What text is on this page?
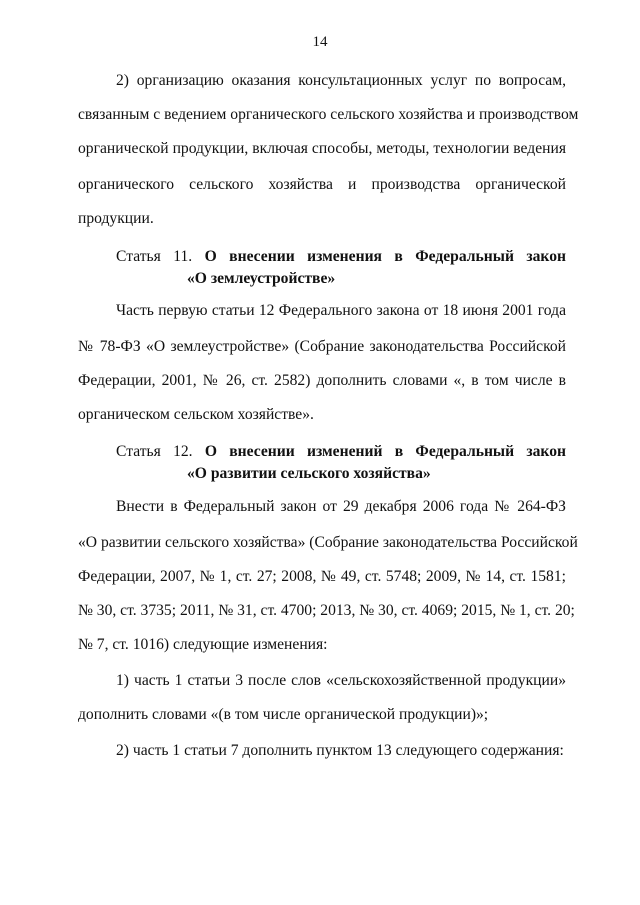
14
2) организацию оказания консультационных услуг по вопросам,
связанным с ведением органического сельского хозяйства и производством
органической продукции, включая способы, методы, технологии ведения
органического сельского хозяйства и производства органической
продукции.
Статья 11. О внесении изменения в Федеральный закон
«О землеустройстве»
Часть первую статьи 12 Федерального закона от 18 июня 2001 года
№ 78-ФЗ «О землеустройстве» (Собрание законодательства Российской
Федерации, 2001, № 26, ст. 2582) дополнить словами «, в том числе в
органическом сельском хозяйстве».
Статья 12. О внесении изменений в Федеральный закон
«О развитии сельского хозяйства»
Внести в Федеральный закон от 29 декабря 2006 года № 264-ФЗ
«О развитии сельского хозяйства» (Собрание законодательства Российской
Федерации, 2007, № 1, ст. 27; 2008, № 49, ст. 5748; 2009, № 14, ст. 1581;
№ 30, ст. 3735; 2011, № 31, ст. 4700; 2013, № 30, ст. 4069; 2015, № 1, ст. 20;
№ 7, ст. 1016) следующие изменения:
1) часть 1 статьи 3 после слов «сельскохозяйственной продукции»
дополнить словами «(в том числе органической продукции)»;
2) часть 1 статьи 7 дополнить пунктом 13 следующего содержания:
